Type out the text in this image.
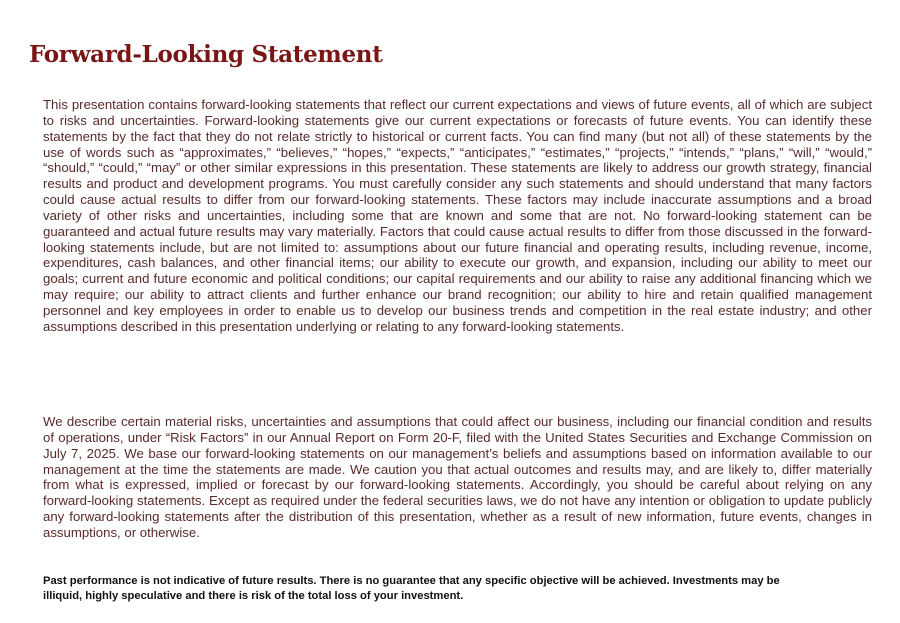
Forward-Looking Statement

This presentation contains forward-looking statements that reflect our current expectations and views of future events, all of which are subject to risks and uncertainties. Forward-looking statements give our current expectations or forecasts of future events. You can identify these statements by the fact that they do not relate strictly to historical or current facts. You can find many (but not all) of these statements by the use of words such as “approximates,” “believes,” “hopes,” “expects,” “anticipates,” “estimates,” “projects,” “intends,” “plans,” “will,” “would,” “should,” “could,” “may” or other similar expressions in this presentation. These statements are likely to address our growth strategy, financial results and product and development programs. You must carefully consider any such statements and should understand that many factors could cause actual results to differ from our forward-looking statements. These factors may include inaccurate assumptions and a broad variety of other risks and uncertainties, including some that are known and some that are not. No forward-looking statement can be guaranteed and actual future results may vary materially. Factors that could cause actual results to differ from those discussed in the forward-looking statements include, but are not limited to: assumptions about our future financial and operating results, including revenue, income, expenditures, cash balances, and other financial items; our ability to execute our growth, and expansion, including our ability to meet our goals; current and future economic and political conditions; our capital requirements and our ability to raise any additional financing which we may require; our ability to attract clients and further enhance our brand recognition; our ability to hire and retain qualified management personnel and key employees in order to enable us to develop our business trends and competition in the real estate industry; and other assumptions described in this presentation underlying or relating to any forward-looking statements.

We describe certain material risks, uncertainties and assumptions that could affect our business, including our financial condition and results of operations, under “Risk Factors” in our Annual Report on Form 20-F, filed with the United States Securities and Exchange Commission on July 7, 2025. We base our forward-looking statements on our management’s beliefs and assumptions based on information available to our management at the time the statements are made. We caution you that actual outcomes and results may, and are likely to, differ materially from what is expressed, implied or forecast by our forward-looking statements. Accordingly, you should be careful about relying on any forward-looking statements. Except as required under the federal securities laws, we do not have any intention or obligation to update publicly any forward-looking statements after the distribution of this presentation, whether as a result of new information, future events, changes in assumptions, or otherwise.

Past performance is not indicative of future results. There is no guarantee that any specific objective will be achieved. Investments may be illiquid, highly speculative and there is risk of the total loss of your investment.
